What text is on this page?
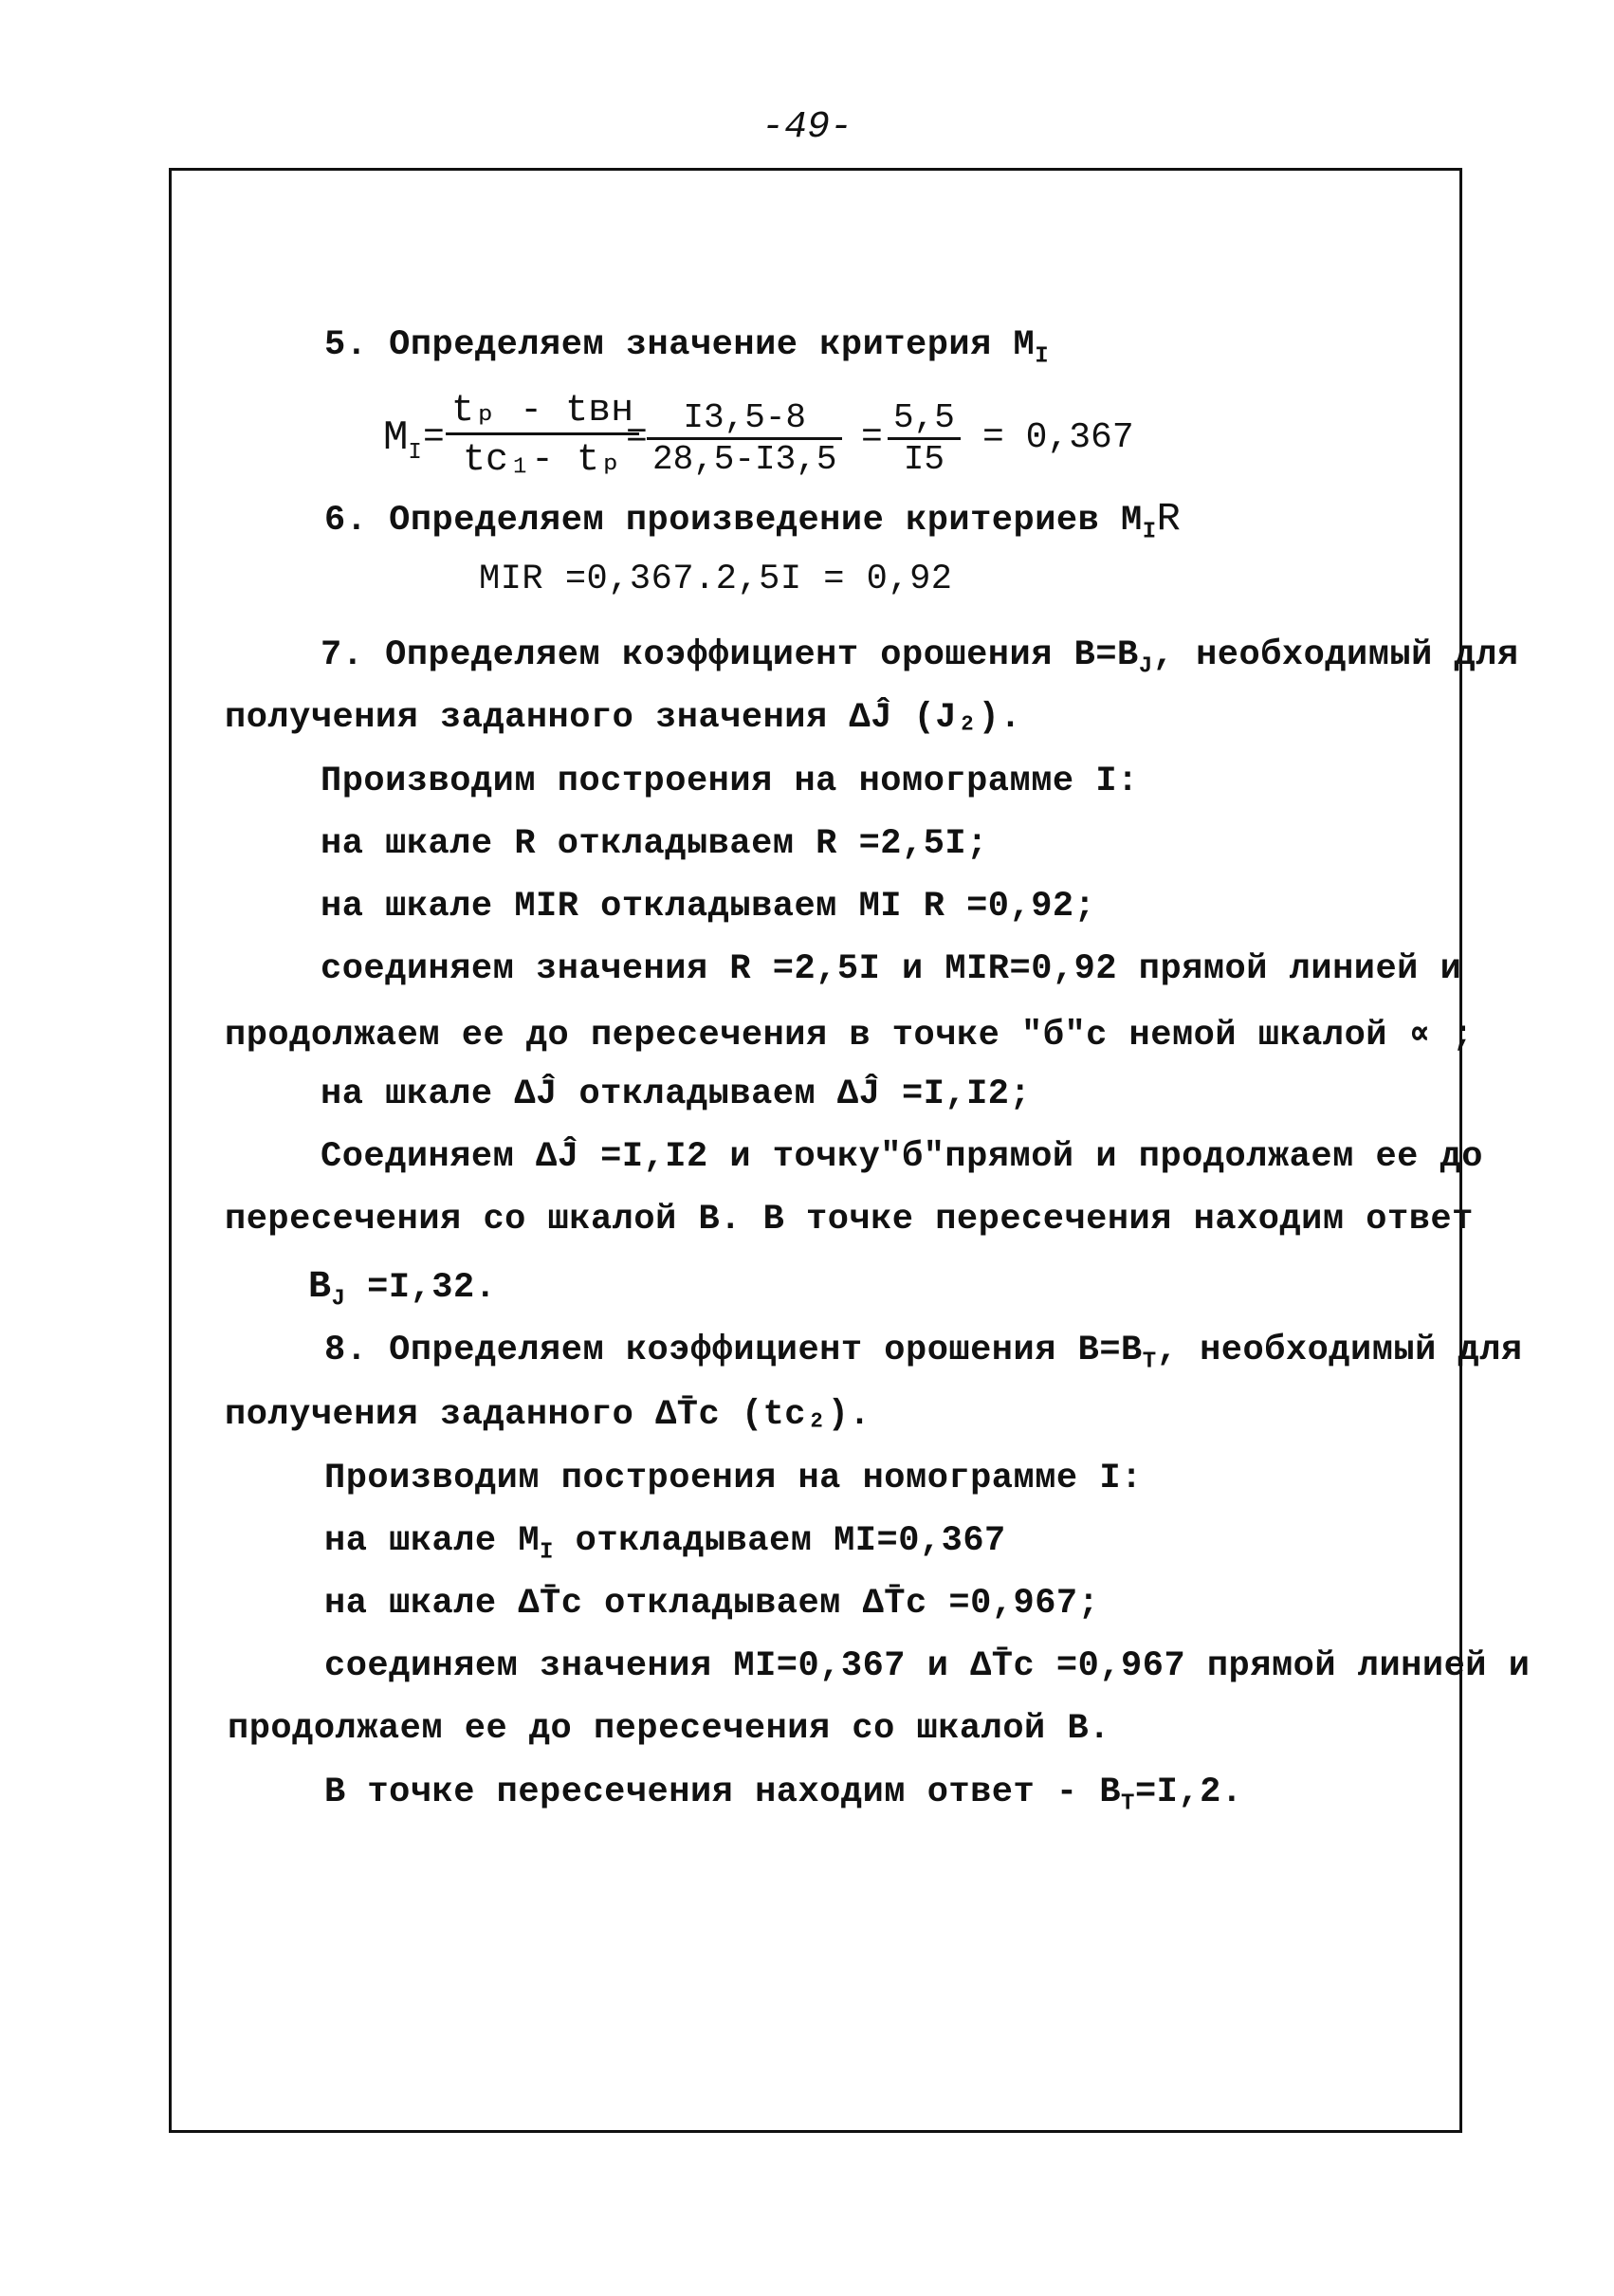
-49-
5. Определяем значение критерия $М_I$
$M_I$ =
tₚ - tвн
tc₁- tₚ
= $\frac{I3,5-8}{28,5-I3,5} = \frac{5,5}{I5} = 0,367$
6. Определяем произведение критериев $М_IR$
MIR =0,367.2,5I = 0,92
7. Определяем коэффициент орошения $B=B_J$, необходимый для
получения заданного значения ΔĴ (J₂).
Производим построения на номограмме I:
на шкале R откладываем R =2,5I;
на шкале MIR откладываем MI R =0,92;
соединяем значения R =2,5I и MIR=0,92 прямой линией и
продолжаем ее до пересечения в точке "б"с немой шкалой ∝ ;
на шкале ΔĴ откладываем ΔĴ =I,I2;
Соединяем ΔĴ =I,I2 и точку"б"прямой и продолжаем ее до
пересечения со шкалой B. В точке пересечения находим ответ
$B_J =I,32$.
8. Определяем коэффициент орошения $B=B_T$, необходимый для
получения заданного ΔT̄c (tc₂).
Производим построения на номограмме I:
на шкале $М_I$ откладываем МI=0,367
на шкале ΔT̄c откладываем ΔT̄c =0,967;
соединяем значения МI=0,367 и ΔT̄c =0,967 прямой линией и
продолжаем ее до пересечения со шкалой B.
В точке пересечения находим ответ - $B_T=I,2$.
